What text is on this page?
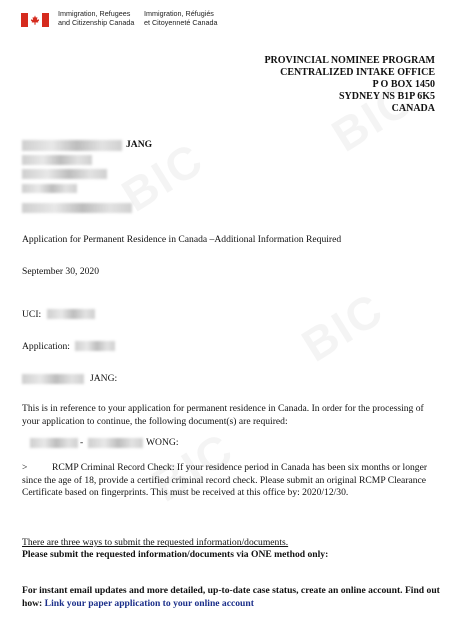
Immigration, Refugees
and Citizenship Canada
Immigration, Réfugiés
et Citoyenneté Canada
PROVINCIAL NOMINEE PROGRAM
CENTRALIZED INTAKE OFFICE
P O BOX 1450
SYDNEY NS B1P 6K5
CANADA
JANG
Application for Permanent Residence in Canada –Additional Information Required
September 30, 2020
UCI:
Application:
JANG:
This is in reference to your application for permanent residence in Canada. In order for the processing of your application to continue, the following document(s) are required:
-	WONG:
>	RCMP Criminal Record Check: If your residence period in Canada has been six months or longer since the age of 18, provide a certified criminal record check. Please submit an original RCMP Clearance Certificate based on fingerprints. This must be received at this office by: 2020/12/30.
There are three ways to submit the requested information/documents.
Please submit the requested information/documents via ONE method only:
For instant email updates and more detailed, up-to-date case status, create an online account. Find out how: Link your paper application to your online account
